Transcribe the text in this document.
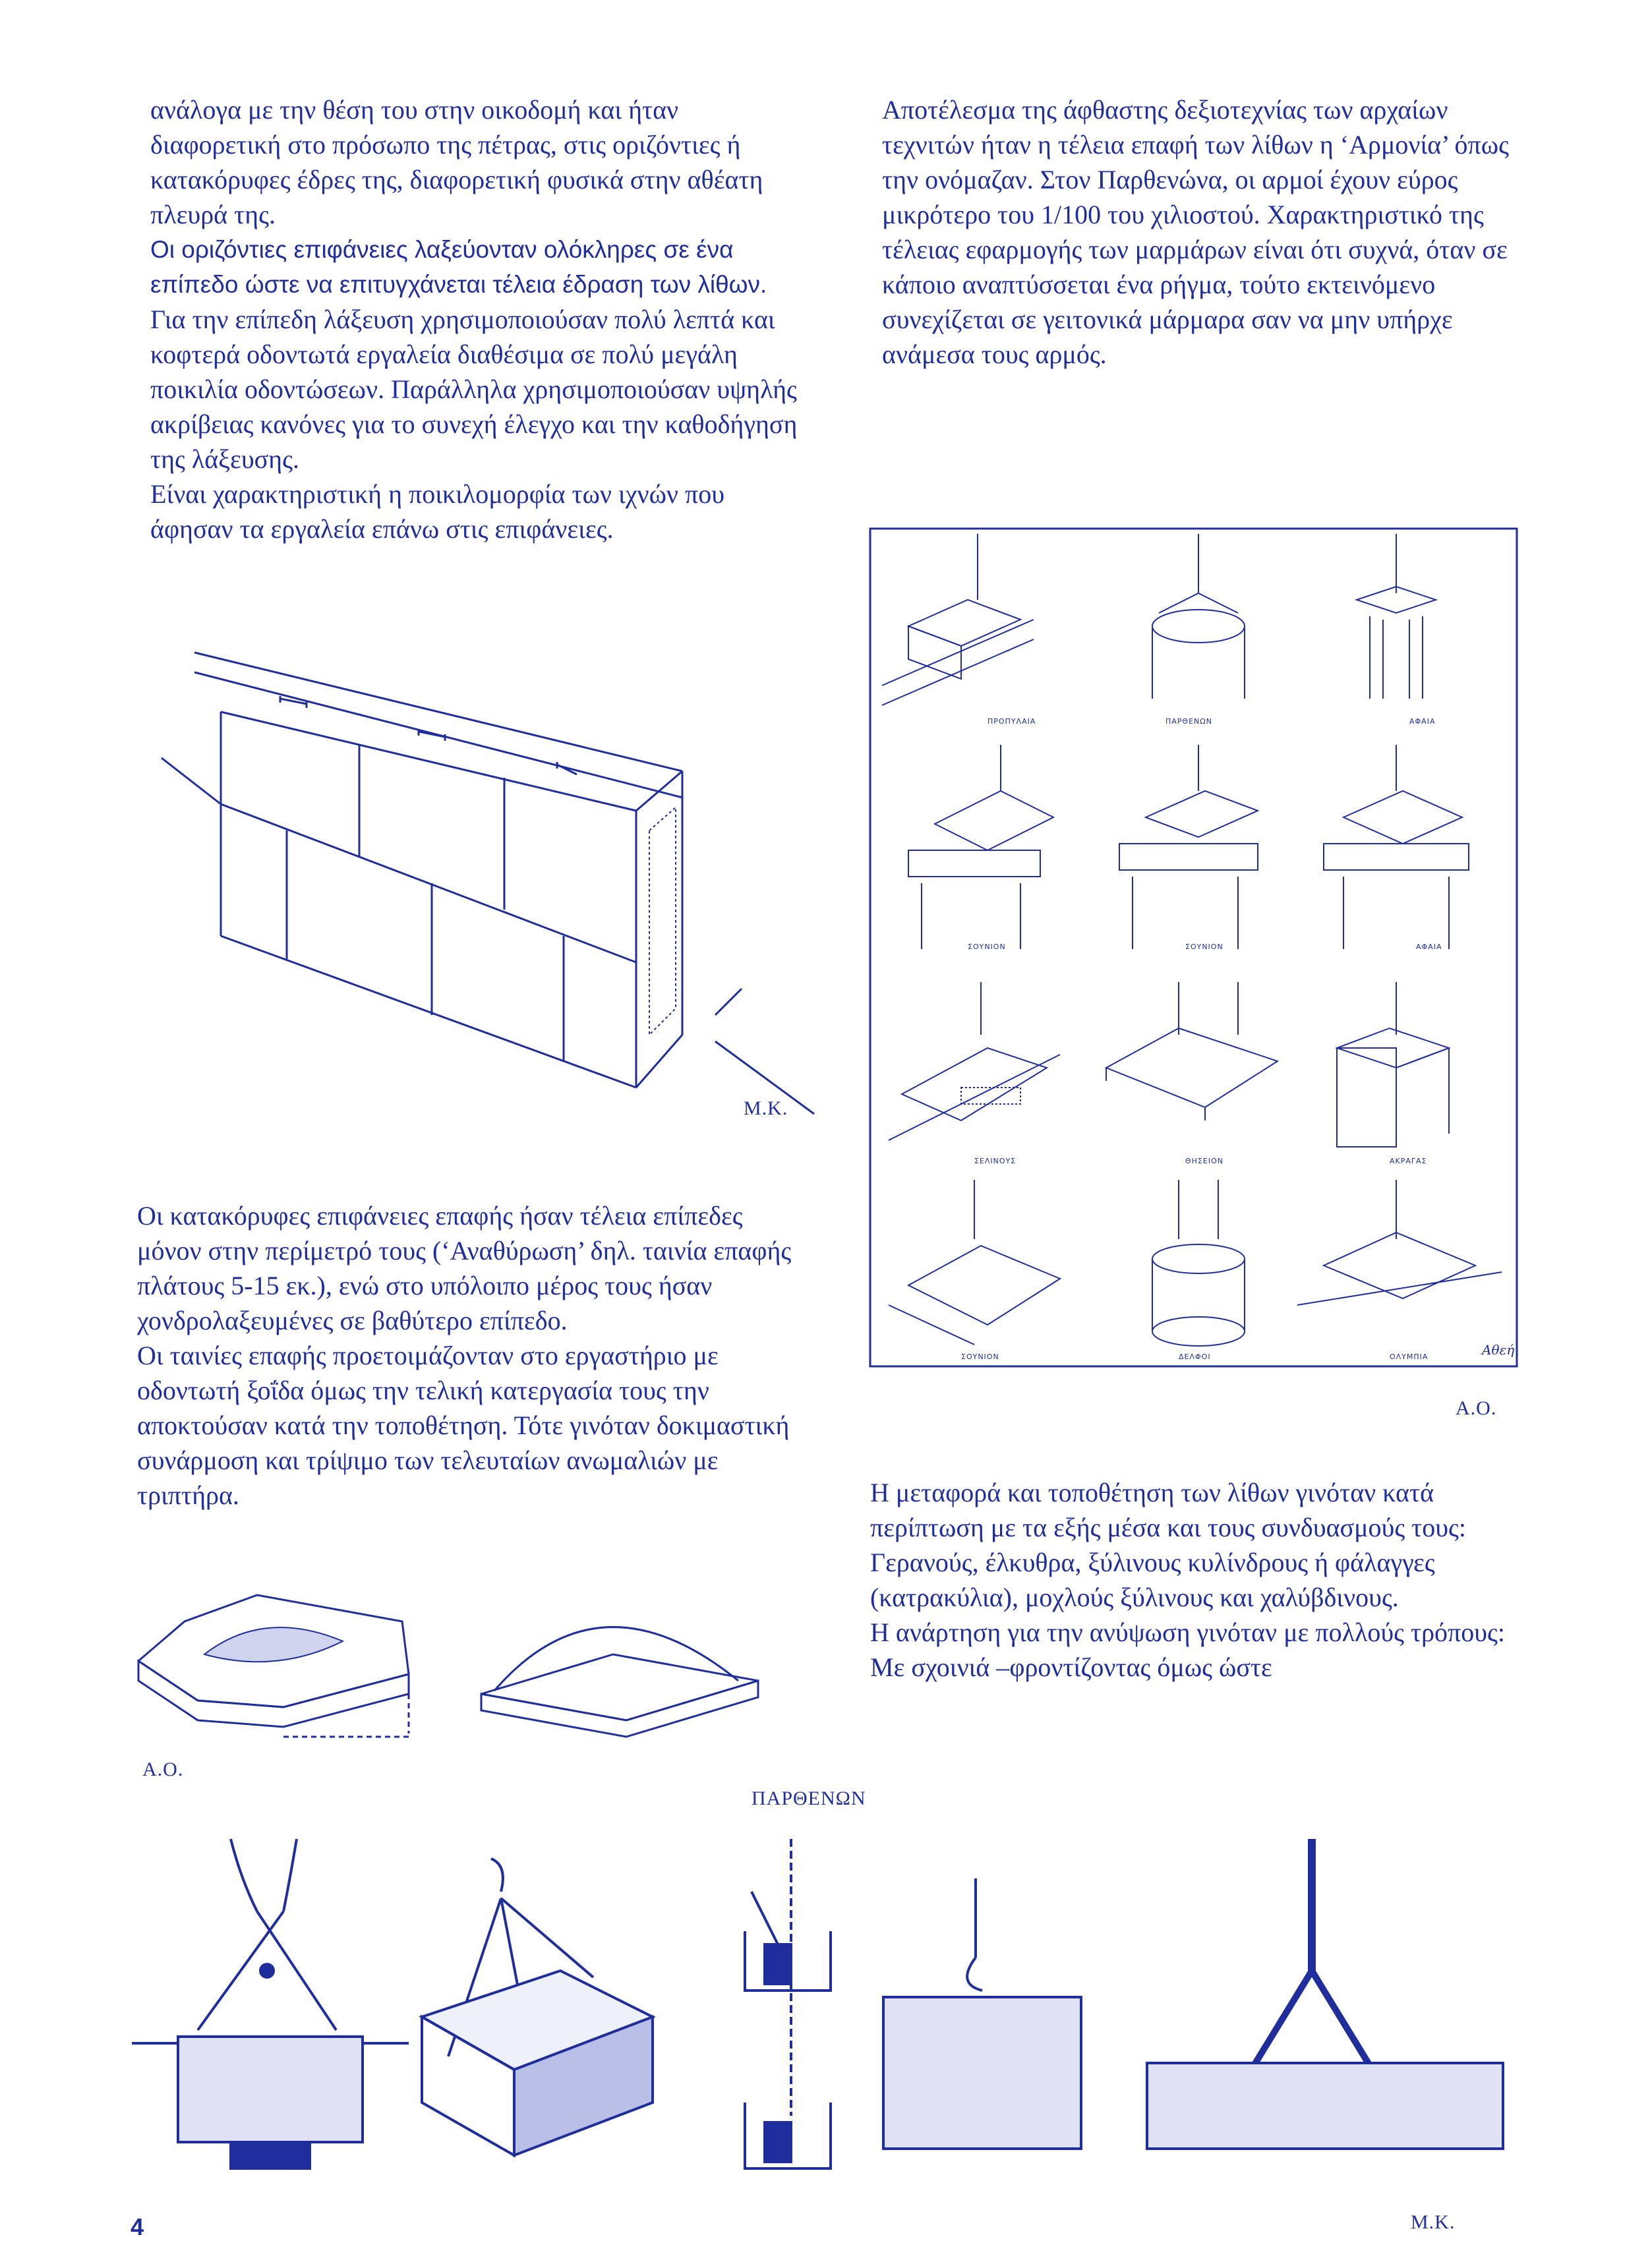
ανάλογα με την θέση του στην οικοδομή και ήταν διαφορετική στο πρόσωπο της πέτρας, στις οριζόντιες ή κατακόρυφες έδρες της, διαφορετική φυσικά στην αθέατη πλευρά της.

Οι οριζόντιες επιφάνειες λαξεύονταν ολόκληρες σε ένα επίπεδο ώστε να επιτυγχάνεται τέλεια έδραση των λίθων.

Για την επίπεδη λάξευση χρησιμοποιούσαν πολύ λεπτά και κοφτερά οδοντωτά εργαλεία διαθέσιμα σε πολύ μεγάλη ποικιλία οδοντώσεων. Παράλληλα χρησιμοποιούσαν υψηλής ακρίβειας κανόνες για το συνεχή έλεγχο και την καθοδήγηση της λάξευσης.

Είναι χαρακτηριστική η ποικιλομορφία των ιχνών που άφησαν τα εργαλεία επάνω στις επιφάνειες.

Αποτέλεσμα της άφθαστης δεξιοτεχνίας των αρχαίων τεχνιτών ήταν η τέλεια επαφή των λίθων η ‘Αρμονία’ όπως την ονόμαζαν. Στον Παρθενώνα, οι αρμοί έχουν εύρος μικρότερο του 1/100 του χιλιοστού. Χαρακτηριστικό της τέλειας εφαρμογής των μαρμάρων είναι ότι συχνά, όταν σε κάποιο αναπτύσσεται ένα ρήγμα, τούτο εκτεινόμενο συνεχίζεται σε γειτονικά μάρμαρα σαν να μην υπήρχε ανάμεσα τους αρμός.

Μ.Κ.
ΠΡΟΠΥΛΑΙΑ	ΠΑΡΘΕΝΩΝ	ΑΦΑΙΑ
ΣΟΥΝΙΟΝ	ΣΟΥΝΙΟΝ	ΑΦΑΙΑ
ΣΕΛΙΝΟΥΣ	ΘΗΣΕΙΟΝ	ΑΚΡΑΓΑΣ
ΣΟΥΝΙΟΝ	ΔΕΛΦΟΙ	ΟΛΥΜΠΙΑ	Αθεή
Α.Ο.

Οι κατακόρυφες επιφάνειες επαφής ήσαν τέλεια επίπεδες μόνον στην περίμετρό τους (‘Αναθύρωση’ δηλ. ταινία επαφής πλάτους 5-15 εκ.), ενώ στο υπόλοιπο μέρος τους ήσαν χονδρολαξευμένες σε βαθύτερο επίπεδο.

Οι ταινίες επαφής προετοιμάζονταν στο εργαστήριο με οδοντωτή ξοΐδα όμως την τελική κατεργασία τους την αποκτούσαν κατά την τοποθέτηση. Τότε γινόταν δοκιμαστική συνάρμοση και τρίψιμο των τελευταίων ανωμαλιών με τριπτήρα.	Η μεταφορά και τοποθέτηση των λίθων γινόταν κατά περίπτωση με τα εξής μέσα και τους συνδυασμούς τους: Γερανούς, έλκυθρα, ξύλινους κυλίνδρους ή φάλαγγες (κατρακύλια), μοχλούς ξύλινους και χαλύβδινους.

Η ανάρτηση για την ανύψωση γινόταν με πολλούς τρόπους: Με σχοινιά –φροντίζοντας όμως ώστε

Α.Ο.
ΠΑΡΘΕΝΩΝ
Μ.Κ.
4
